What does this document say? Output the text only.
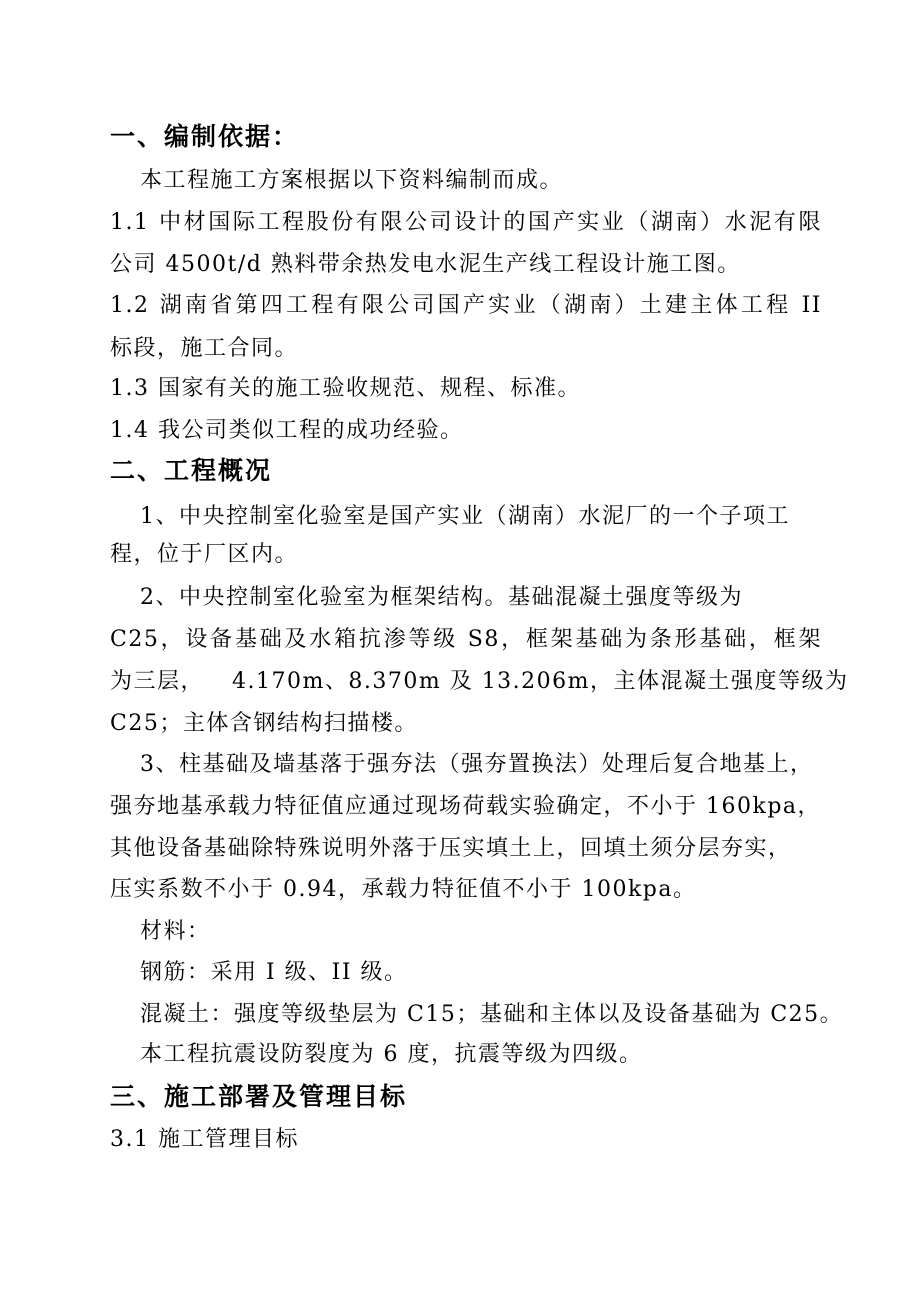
一、编制依据：
本工程施工方案根据以下资料编制而成。
1.1 中材国际工程股份有限公司设计的国产实业（湖南）水泥有限
公司 4500t/d 熟料带余热发电水泥生产线工程设计施工图。
1.2 湖南省第四工程有限公司国产实业（湖南）土建主体工程 II
标段，施工合同。
1.3 国家有关的施工验收规范、规程、标准。
1.4 我公司类似工程的成功经验。
二、工程概况
1、中央控制室化验室是国产实业（湖南）水泥厂的一个子项工
程，位于厂区内。
2、中央控制室化验室为框架结构。基础混凝土强度等级为
C25，设备基础及水箱抗渗等级 S8，框架基础为条形基础，框架
为三层， 4.170m、8.370m 及 13.206m，主体混凝土强度等级为
C25；主体含钢结构扫描楼。
3、柱基础及墙基落于强夯法（强夯置换法）处理后复合地基上，
强夯地基承载力特征值应通过现场荷载实验确定，不小于 160kpa，
其他设备基础除特殊说明外落于压实填土上，回填土须分层夯实，
压实系数不小于 0.94，承载力特征值不小于 100kpa。
材料：
钢筋：采用 I 级、II 级。
混凝土：强度等级垫层为 C15；基础和主体以及设备基础为 C25。
本工程抗震设防裂度为 6 度，抗震等级为四级。
三、施工部署及管理目标
3.1 施工管理目标
